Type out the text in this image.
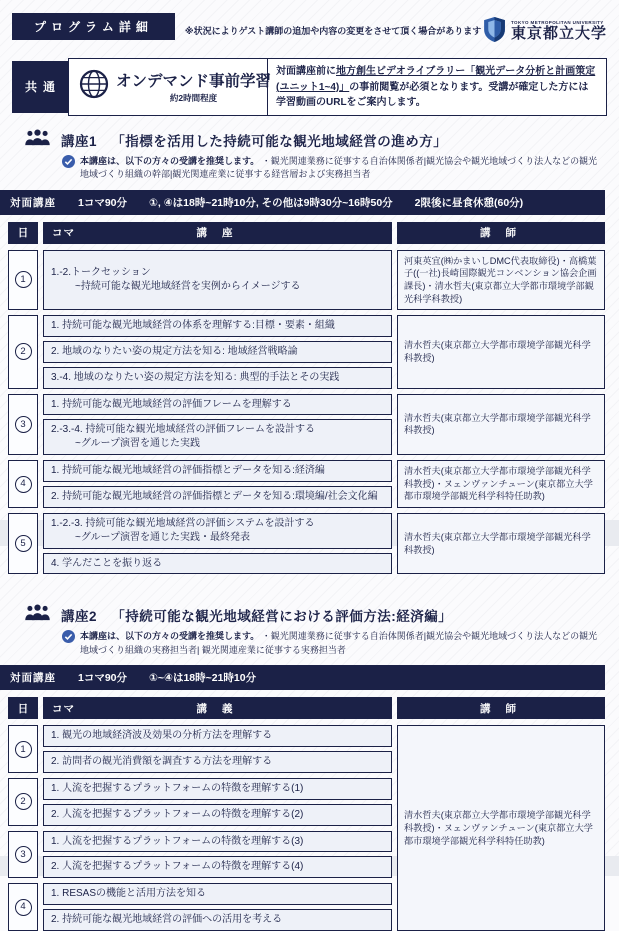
プログラム詳細	※状況によりゲスト講師の追加や内容の変更をさせて頂く場合があります
TOKYO METROPOLITAN UNIVERSITY
東京都立大学
共通	オンデマンド事前学習
約2時間程度
対面講座前に地方創生ビデオライブラリー「観光データ分析と計画策定(ユニット1~4)」の事前閲覧が必須となります。受講が確定した方には学習動画のURLをご案内します。
講座1 「指標を活用した持続可能な観光地域経営の進め方」
本講座は、以下の方々の受講を推奨します。 ・観光関連業務に従事する自治体関係者|観光協会や観光地域づくり法人などの観光地域づくり組織の幹部|観光関連産業に従事する経営層および実務担当者
対面講座 1コマ90分 ①, ④は18時~21時10分, その他は9時30分~16時50分 2限後に昼食休憩(60分)
日	コマ	講 座	講 師
1
1.-2.トークセッション
~持続可能な観光地域経営を実例からイメージする
河東英宜(㈱かまいしDMC代表取締役)・高橋葉子((一社)長崎国際観光コンベンション協会企画課長)・清水哲夫(東京都立大学都市環境学部観光科学科教授)
2
1. 持続可能な観光地域経営の体系を理解する:目標・要素・組織
2. 地域のなりたい姿の規定方法を知る: 地域経営戦略論
3.-4. 地域のなりたい姿の規定方法を知る: 典型的手法とその実践
清水哲夫(東京都立大学都市環境学部観光科学科教授)
3
1. 持続可能な観光地域経営の評価フレームを理解する
2.-3.-4. 持続可能な観光地域経営の評価フレームを設計する
~グループ演習を通じた実践
清水哲夫(東京都立大学都市環境学部観光科学科教授)
4
1. 持続可能な観光地域経営の評価指標とデータを知る:経済編
2. 持続可能な観光地域経営の評価指標とデータを知る:環境編/社会文化編
清水哲夫(東京都立大学都市環境学部観光科学科教授)・ヌェンヴァンチューン(東京都立大学都市環境学部観光科学科特任助教)
5
1.-2.-3. 持続可能な観光地域経営の評価システムを設計する
~グループ演習を通じた実践・最終発表
4. 学んだことを振り返る
清水哲夫(東京都立大学都市環境学部観光科学科教授)
講座2 「持続可能な観光地域経営における評価方法:経済編」
本講座は、以下の方々の受講を推奨します。 ・観光関連業務に従事する自治体関係者|観光協会や観光地域づくり法人などの観光地域づくり組織の実務担当者| 観光関連産業に従事する実務担当者
対面講座 1コマ90分 ①~④は18時~21時10分
日	コマ	講 義	講 師
1
1. 観光の地域経済波及効果の分析方法を理解する
2. 訪問者の観光消費額を調査する方法を理解する
2
1. 人流を把握するプラットフォームの特徴を理解する(1)
2. 人流を把握するプラットフォームの特徴を理解する(2)
3
1. 人流を把握するプラットフォームの特徴を理解する(3)
2. 人流を把握するプラットフォームの特徴を理解する(4)
4
1. RESASの機能と活用方法を知る
2. 持続可能な観光地域経営の評価への活用を考える
清水哲夫(東京都立大学都市環境学部観光科学科教授)・ヌェンヴァンチューン(東京都立大学都市環境学部観光科学科特任助教)
